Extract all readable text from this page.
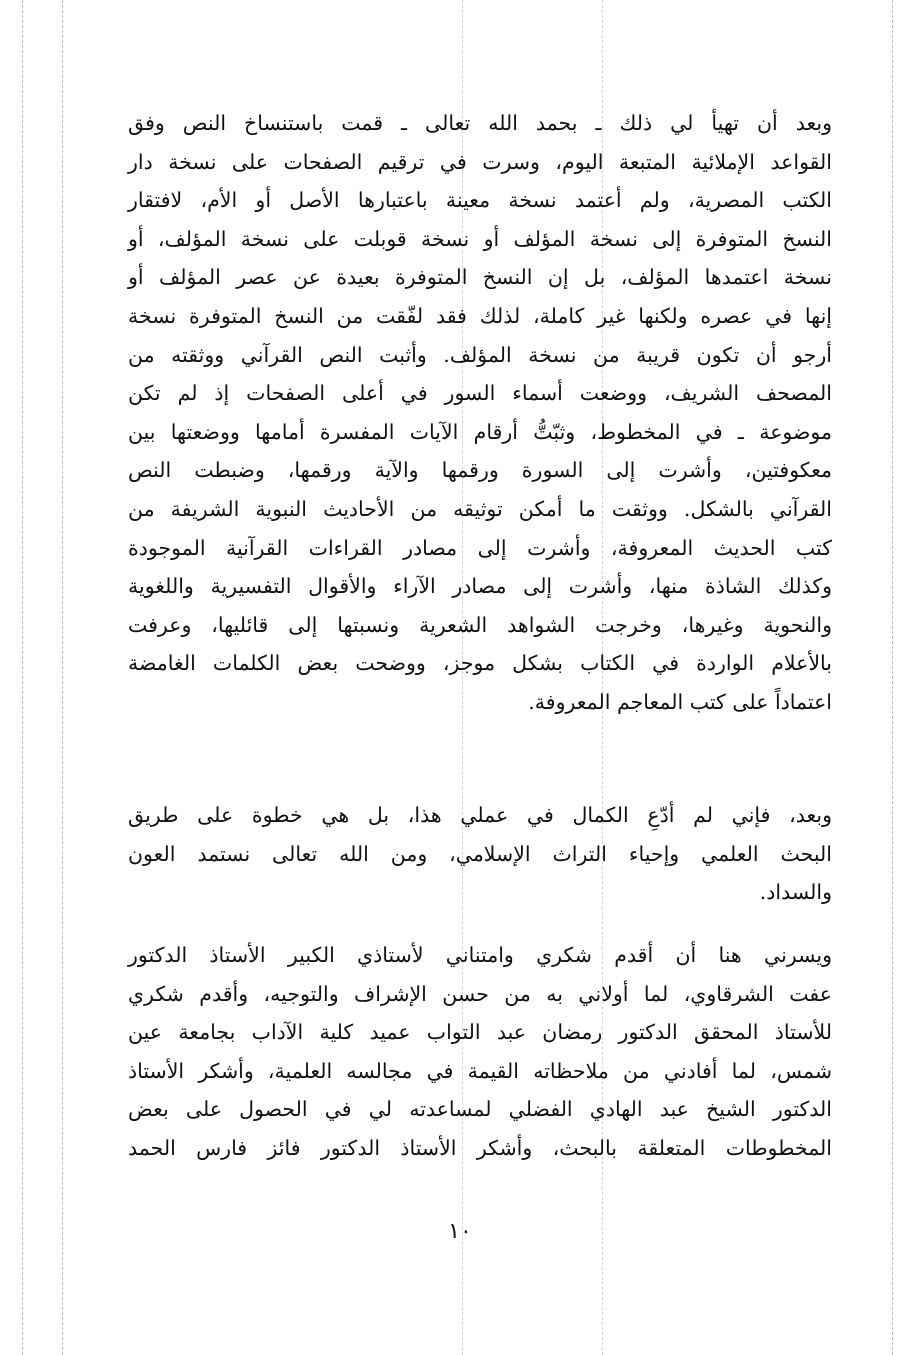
وبعد أن تهيأ لي ذلك ـ بحمد الله تعالى ـ قمت باستنساخ النص وفق
القواعد الإملائية المتبعة اليوم، وسرت في ترقيم الصفحات على نسخة دار
الكتب المصرية، ولم أعتمد نسخة معينة باعتبارها الأصل أو الأم، لافتقار
النسخ المتوفرة إلى نسخة المؤلف أو نسخة قوبلت على نسخة المؤلف، أو
نسخة اعتمدها المؤلف، بل إن النسخ المتوفرة بعيدة عن عصر المؤلف أو
إنها في عصره ولكنها غير كاملة، لذلك فقد لفّقت من النسخ المتوفرة نسخة
أرجو أن تكون قريبة من نسخة المؤلف. وأثبت النص القرآني ووثقته من
المصحف الشريف، ووضعت أسماء السور في أعلى الصفحات إذ لم تكن
موضوعة ـ في المخطوط، وثبّتُّ أرقام الآيات المفسرة أمامها ووضعتها بين
معكوفتين، وأشرت إلى السورة ورقمها والآية ورقمها، وضبطت النص
القرآني بالشكل. ووثقت ما أمكن توثيقه من الأحاديث النبوية الشريفة من
كتب الحديث المعروفة، وأشرت إلى مصادر القراءات القرآنية الموجودة
وكذلك الشاذة منها، وأشرت إلى مصادر الآراء والأقوال التفسيرية واللغوية
والنحوية وغيرها، وخرجت الشواهد الشعرية ونسبتها إلى قائليها، وعرفت
بالأعلام الواردة في الكتاب بشكل موجز، ووضحت بعض الكلمات الغامضة
اعتماداً على كتب المعاجم المعروفة.
وبعد، فإني لم أدّعِ الكمال في عملي هذا، بل هي خطوة على طريق
البحث العلمي وإحياء التراث الإسلامي، ومن الله تعالى نستمد العون
والسداد.
ويسرني هنا أن أقدم شكري وامتناني لأستاذي الكبير الأستاذ الدكتور
عفت الشرقاوي، لما أولاني به من حسن الإشراف والتوجيه، وأقدم شكري
للأستاذ المحقق الدكتور رمضان عبد التواب عميد كلية الآداب بجامعة عين
شمس، لما أفادني من ملاحظاته القيمة في مجالسه العلمية، وأشكر الأستاذ
الدكتور الشيخ عبد الهادي الفضلي لمساعدته لي في الحصول على بعض
المخطوطات المتعلقة بالبحث، وأشكر الأستاذ الدكتور فائز فارس الحمد
١٠
